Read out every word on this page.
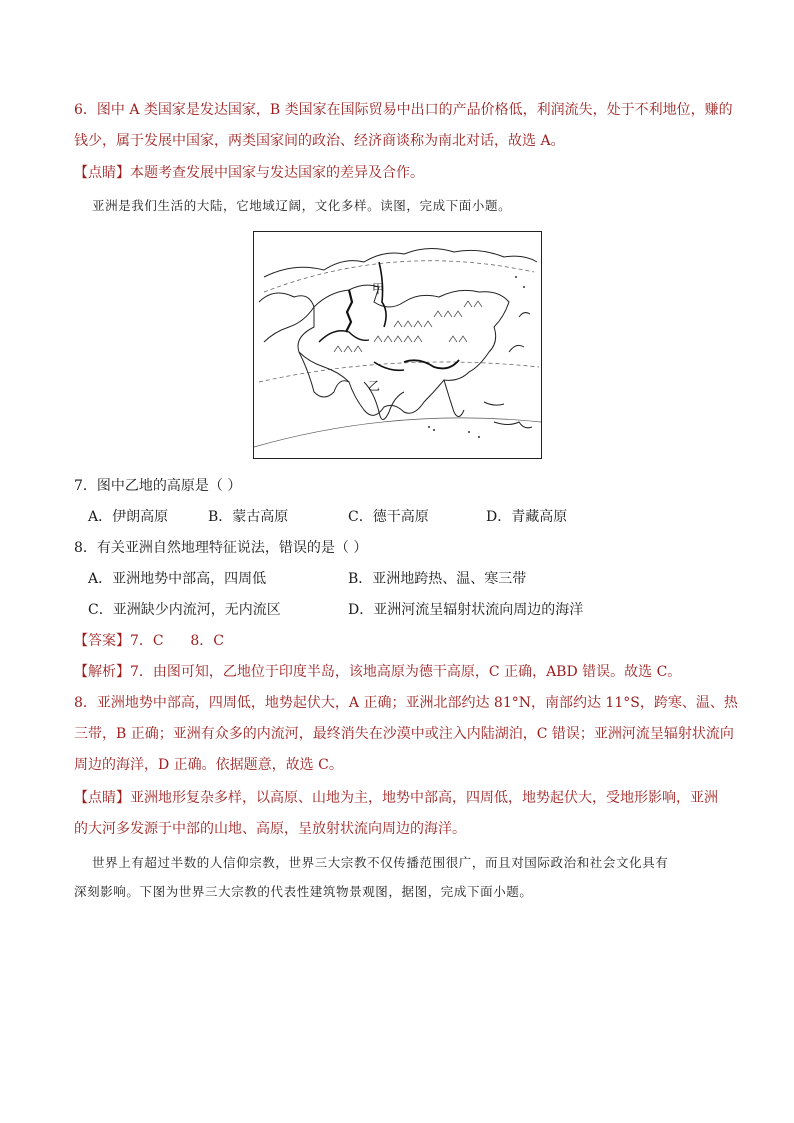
6．图中 A 类国家是发达国家，B 类国家在国际贸易中出口的产品价格低，利润流失，处于不利地位，赚的
钱少，属于发展中国家，两类国家间的政治、经济商谈称为南北对话，故选 A。
【点睛】本题考查发展中国家与发达国家的差异及合作。
亚洲是我们生活的大陆，它地域辽阔，文化多样。读图，完成下面小题。
甲
乙
7．图中乙地的高原是（ ）
A．伊朗高原	B．蒙古高原	C．德干高原	D．青藏高原
8．有关亚洲自然地理特征说法，错误的是（ ）
A．亚洲地势中部高，四周低	B．亚洲地跨热、温、寒三带
C．亚洲缺少内流河，无内流区	D．亚洲河流呈辐射状流向周边的海洋
【答案】7．C      8．C
【解析】7．由图可知，乙地位于印度半岛，该地高原为德干高原，C 正确，ABD 错误。故选 C。
8．亚洲地势中部高，四周低，地势起伏大，A 正确；亚洲北部约达 81°N，南部约达 11°S，跨寒、温、热
三带，B 正确；亚洲有众多的内流河，最终消失在沙漠中或注入内陆湖泊，C 错误；亚洲河流呈辐射状流向
周边的海洋，D 正确。依据题意，故选 C。
【点睛】亚洲地形复杂多样，以高原、山地为主，地势中部高，四周低，地势起伏大，受地形影响，亚洲
的大河多发源于中部的山地、高原，呈放射状流向周边的海洋。
世界上有超过半数的人信仰宗教，世界三大宗教不仅传播范围很广，而且对国际政治和社会文化具有
深刻影响。下图为世界三大宗教的代表性建筑物景观图，据图，完成下面小题。
